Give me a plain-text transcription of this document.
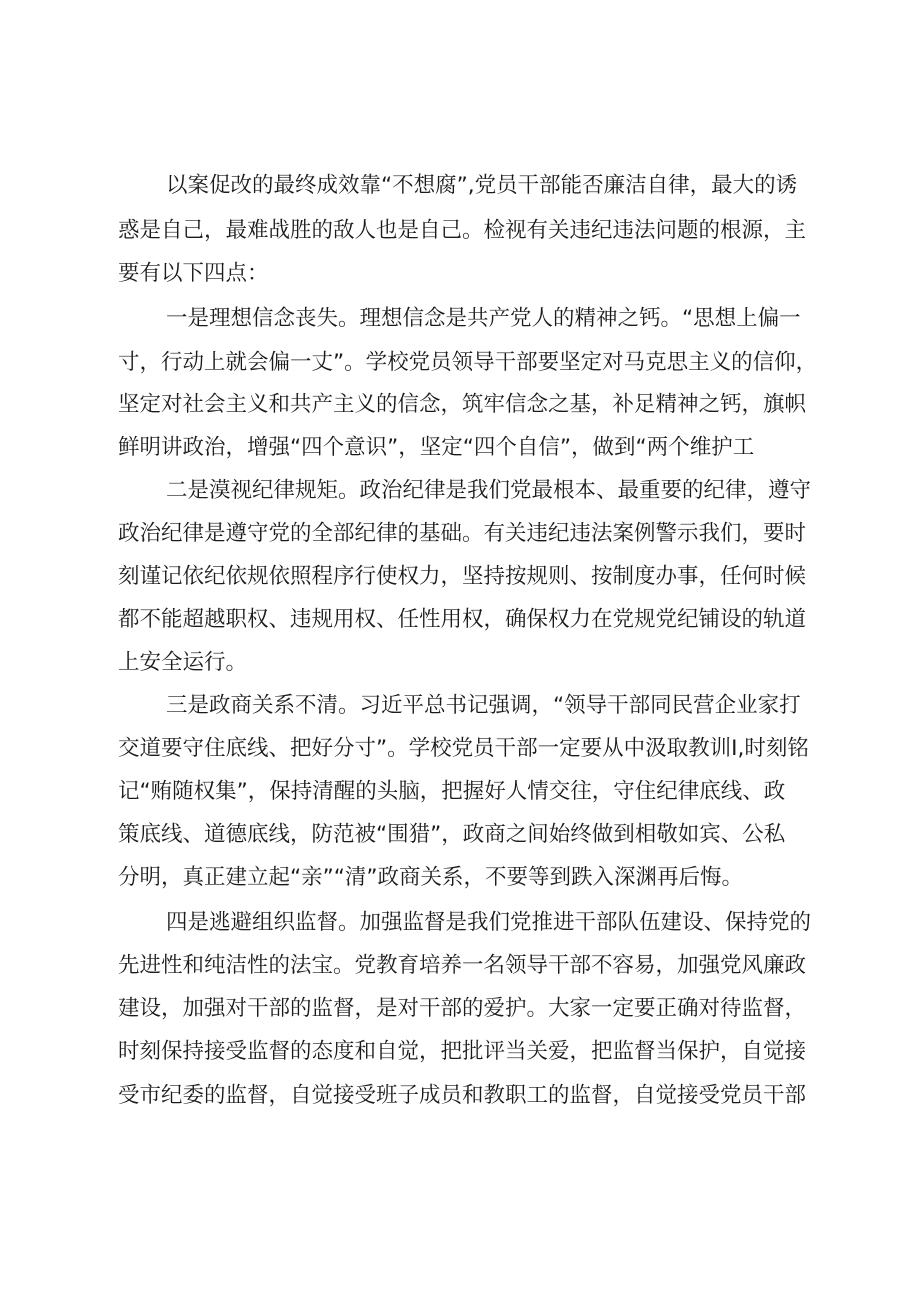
以案促改的最终成效靠“不想腐”,党员干部能否廉洁自律，最大的诱
惑是自己，最难战胜的敌人也是自己。检视有关违纪违法问题的根源，主
要有以下四点：
一是理想信念丧失。理想信念是共产党人的精神之钙。“思想上偏一
寸，行动上就会偏一丈”。学校党员领导干部要坚定对马克思主义的信仰，
坚定对社会主义和共产主义的信念，筑牢信念之基，补足精神之钙，旗帜
鲜明讲政治，增强“四个意识”，坚定“四个自信”，做到“两个维护工
二是漠视纪律规矩。政治纪律是我们党最根本、最重要的纪律，遵守
政治纪律是遵守党的全部纪律的基础。有关违纪违法案例警示我们，要时
刻谨记依纪依规依照程序行使权力，坚持按规则、按制度办事，任何时候
都不能超越职权、违规用权、任性用权，确保权力在党规党纪铺设的轨道
上安全运行。
三是政商关系不清。习近平总书记强调，“领导干部同民营企业家打
交道要守住底线、把好分寸”。学校党员干部一定要从中汲取教训I,时刻铭
记“贿随权集”，保持清醒的头脑，把握好人情交往，守住纪律底线、政
策底线、道德底线，防范被“围猎”，政商之间始终做到相敬如宾、公私
分明，真正建立起“亲”“清”政商关系，不要等到跌入深渊再后悔。
四是逃避组织监督。加强监督是我们党推进干部队伍建设、保持党的
先进性和纯洁性的法宝。党教育培养一名领导干部不容易，加强党风廉政
建设，加强对干部的监督，是对干部的爱护。大家一定要正确对待监督，
时刻保持接受监督的态度和自觉，把批评当关爱，把监督当保护，自觉接
受市纪委的监督，自觉接受班子成员和教职工的监督，自觉接受党员干部
